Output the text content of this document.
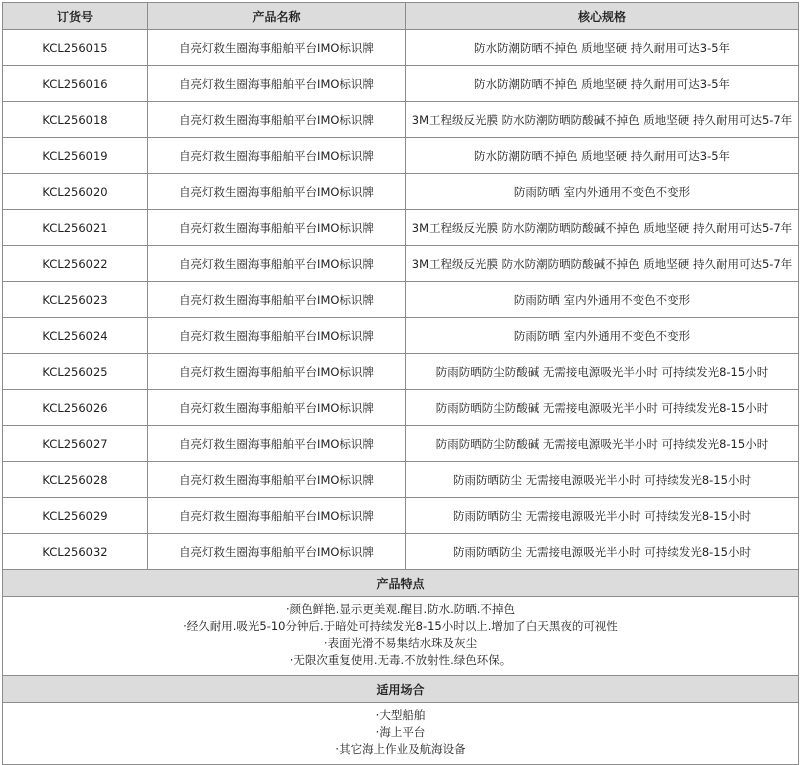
订货号	产品名称	核心规格
KCL256015	自亮灯救生圈海事船舶平台IMO标识牌	防水防潮防晒不掉色 质地坚硬 持久耐用可达3-5年
KCL256016	自亮灯救生圈海事船舶平台IMO标识牌	防水防潮防晒不掉色 质地坚硬 持久耐用可达3-5年
KCL256018	自亮灯救生圈海事船舶平台IMO标识牌	3M工程级反光膜 防水防潮防晒防酸碱不掉色 质地坚硬 持久耐用可达5-7年
KCL256019	自亮灯救生圈海事船舶平台IMO标识牌	防水防潮防晒不掉色 质地坚硬 持久耐用可达3-5年
KCL256020	自亮灯救生圈海事船舶平台IMO标识牌	防雨防晒 室内外通用不变色不变形
KCL256021	自亮灯救生圈海事船舶平台IMO标识牌	3M工程级反光膜 防水防潮防晒防酸碱不掉色 质地坚硬 持久耐用可达5-7年
KCL256022	自亮灯救生圈海事船舶平台IMO标识牌	3M工程级反光膜 防水防潮防晒防酸碱不掉色 质地坚硬 持久耐用可达5-7年
KCL256023	自亮灯救生圈海事船舶平台IMO标识牌	防雨防晒 室内外通用不变色不变形
KCL256024	自亮灯救生圈海事船舶平台IMO标识牌	防雨防晒 室内外通用不变色不变形
KCL256025	自亮灯救生圈海事船舶平台IMO标识牌	防雨防晒防尘防酸碱 无需接电源吸光半小时 可持续发光8-15小时
KCL256026	自亮灯救生圈海事船舶平台IMO标识牌	防雨防晒防尘防酸碱 无需接电源吸光半小时 可持续发光8-15小时
KCL256027	自亮灯救生圈海事船舶平台IMO标识牌	防雨防晒防尘防酸碱 无需接电源吸光半小时 可持续发光8-15小时
KCL256028	自亮灯救生圈海事船舶平台IMO标识牌	防雨防晒防尘 无需接电源吸光半小时 可持续发光8-15小时
KCL256029	自亮灯救生圈海事船舶平台IMO标识牌	防雨防晒防尘 无需接电源吸光半小时 可持续发光8-15小时
KCL256032	自亮灯救生圈海事船舶平台IMO标识牌	防雨防晒防尘 无需接电源吸光半小时 可持续发光8-15小时
产品特点		

·颜色鲜艳.显示更美观.醒目.防水.防晒.不掉色
·经久耐用.吸光5-10分钟后.于暗处可持续发光8-15小时以上.增加了白天黑夜的可视性
·表面光滑不易集结水珠及灰尘
·无限次重复使用.无毒.不放射性.绿色环保。		

适用场合		

·大型船舶
·海上平台
·其它海上作业及航海设备		
